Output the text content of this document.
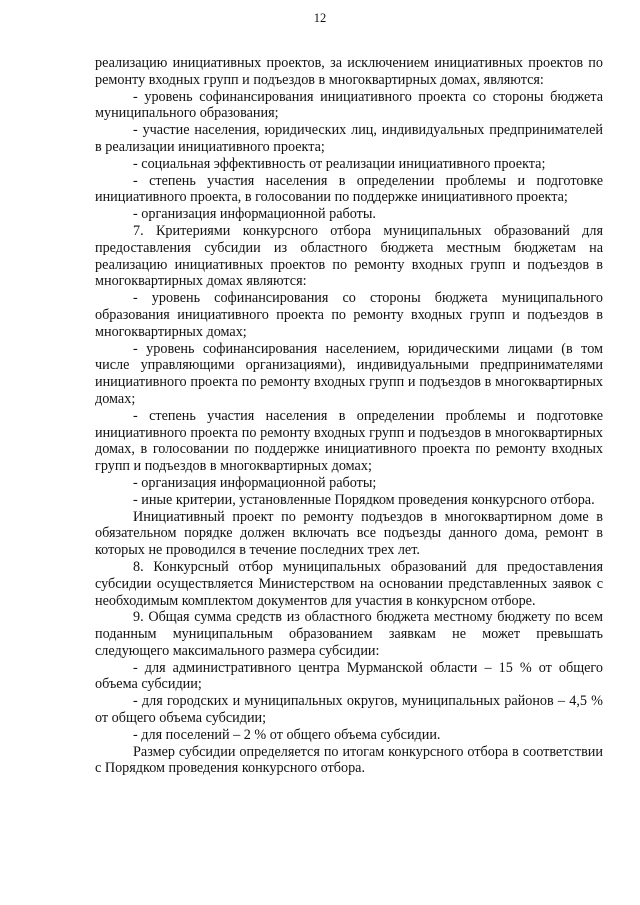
12

реализацию инициативных проектов, за исключением инициативных проектов по ремонту входных групп и подъездов в многоквартирных домах, являются:

- уровень софинансирования инициативного проекта со стороны бюджета муниципального образования;

- участие населения, юридических лиц, индивидуальных предпринимателей в реализации инициативного проекта;

- социальная эффективность от реализации инициативного проекта;

- степень участия населения в определении проблемы и подготовке инициативного проекта, в голосовании по поддержке инициативного проекта;

- организация информационной работы.

7. Критериями конкурсного отбора муниципальных образований для предоставления субсидии из областного бюджета местным бюджетам на реализацию инициативных проектов по ремонту входных групп и подъездов в многоквартирных домах являются:

- уровень софинансирования со стороны бюджета муниципального образования инициативного проекта по ремонту входных групп и подъездов в многоквартирных домах;

- уровень софинансирования населением, юридическими лицами (в том числе управляющими организациями), индивидуальными предпринимателями инициативного проекта по ремонту входных групп и подъездов в многоквартирных домах;

- степень участия населения в определении проблемы и подготовке инициативного проекта по ремонту входных групп и подъездов в многоквартирных домах, в голосовании по поддержке инициативного проекта по ремонту входных групп и подъездов в многоквартирных домах;

- организация информационной работы;

- иные критерии, установленные Порядком проведения конкурсного отбора.

Инициативный проект по ремонту подъездов в многоквартирном доме в обязательном порядке должен включать все подъезды данного дома, ремонт в которых не проводился в течение последних трех лет.

8. Конкурсный отбор муниципальных образований для предоставления субсидии осуществляется Министерством на основании представленных заявок с необходимым комплектом документов для участия в конкурсном отборе.

9. Общая сумма средств из областного бюджета местному бюджету по всем поданным муниципальным образованием заявкам не может превышать следующего максимального размера субсидии:

- для административного центра Мурманской области – 15 % от общего объема субсидии;

- для городских и муниципальных округов, муниципальных районов – 4,5 % от общего объема субсидии;

- для поселений – 2 % от общего объема субсидии.

Размер субсидии определяется по итогам конкурсного отбора в соответствии с Порядком проведения конкурсного отбора.
